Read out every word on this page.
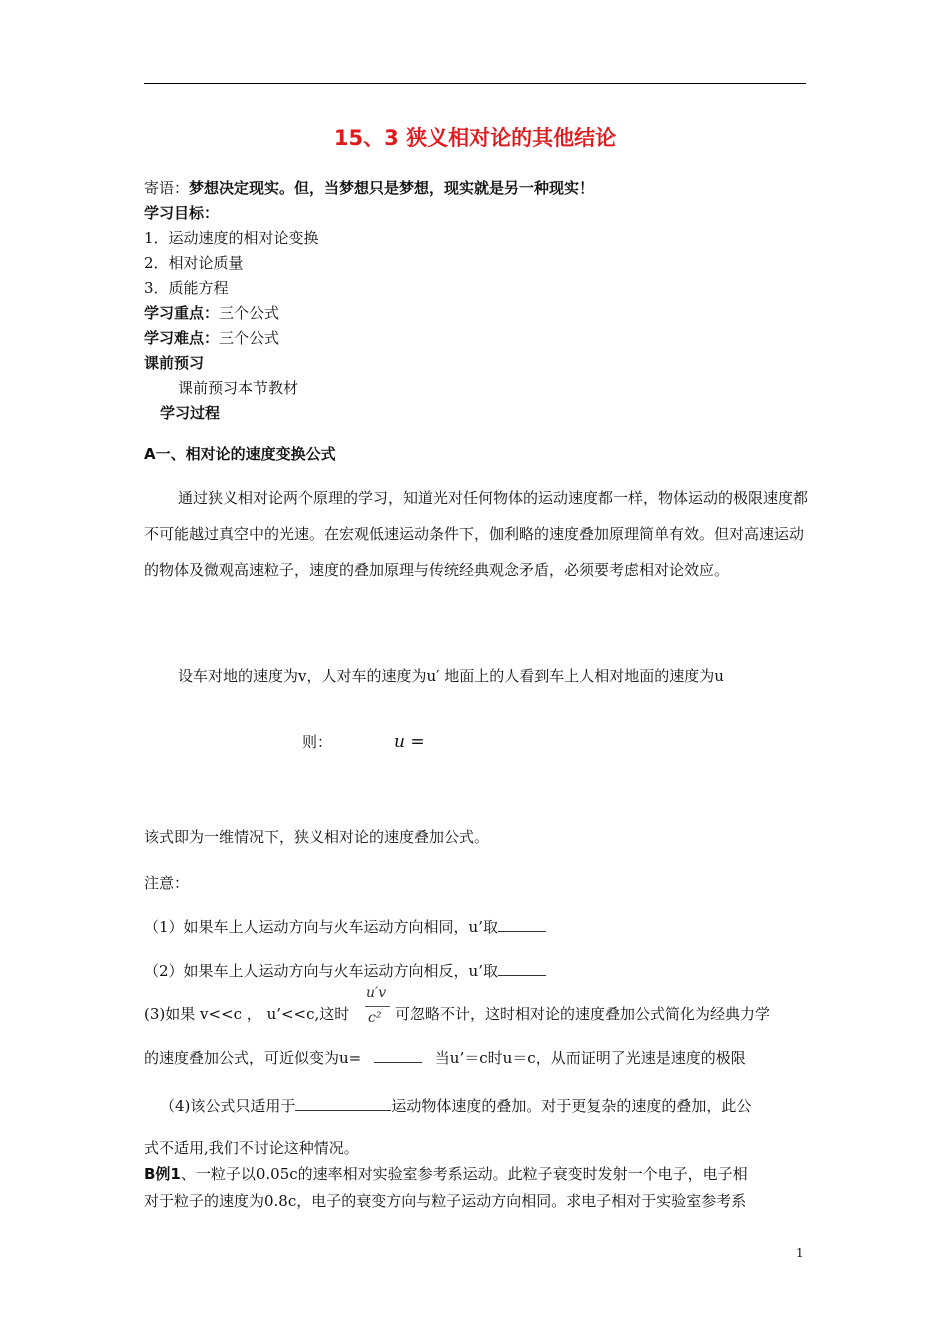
15、3 狭义相对论的其他结论
寄语：梦想决定现实。但，当梦想只是梦想，现实就是另一种现实！
学习目标：
1．运动速度的相对论变换
2．相对论质量
3．质能方程
学习重点：三个公式
学习难点：三个公式
课前预习
课前预习本节教材
学习过程
A一、相对论的速度变换公式
通过狭义相对论两个原理的学习，知道光对任何物体的运动速度都一样，物体运动的极限速度都不可能越过真空中的光速。在宏观低速运动条件下，伽利略的速度叠加原理简单有效。但对高速运动的物体及微观高速粒子，速度的叠加原理与传统经典观念矛盾，必须要考虑相对论效应。
设车对地的速度为v，人对车的速度为u′ 地面上的人看到车上人相对地面的速度为u
则：	u =
该式即为一维情况下，狭义相对论的速度叠加公式。
注意：
（1）如果车上人运动方向与火车运动方向相同，u’取
（2）如果车上人运动方向与火车运动方向相反，u’取
u′v
c²
(3)如果 v<<c ， u’<<c,这时	可忽略不计，这时相对论的速度叠加公式简化为经典力学
的速度叠加公式，可近似变为u=	当u’＝c时u＝c，从而证明了光速是速度的极限
（4)该公式只适用于	运动物体速度的叠加。对于更复杂的速度的叠加，此公
式不适用,我们不讨论这种情况。
B例1、一粒子以0.05c的速率相对实验室参考系运动。此粒子衰变时发射一个电子，电子相
对于粒子的速度为0.8c，电子的衰变方向与粒子运动方向相同。求电子相对于实验室参考系
1
